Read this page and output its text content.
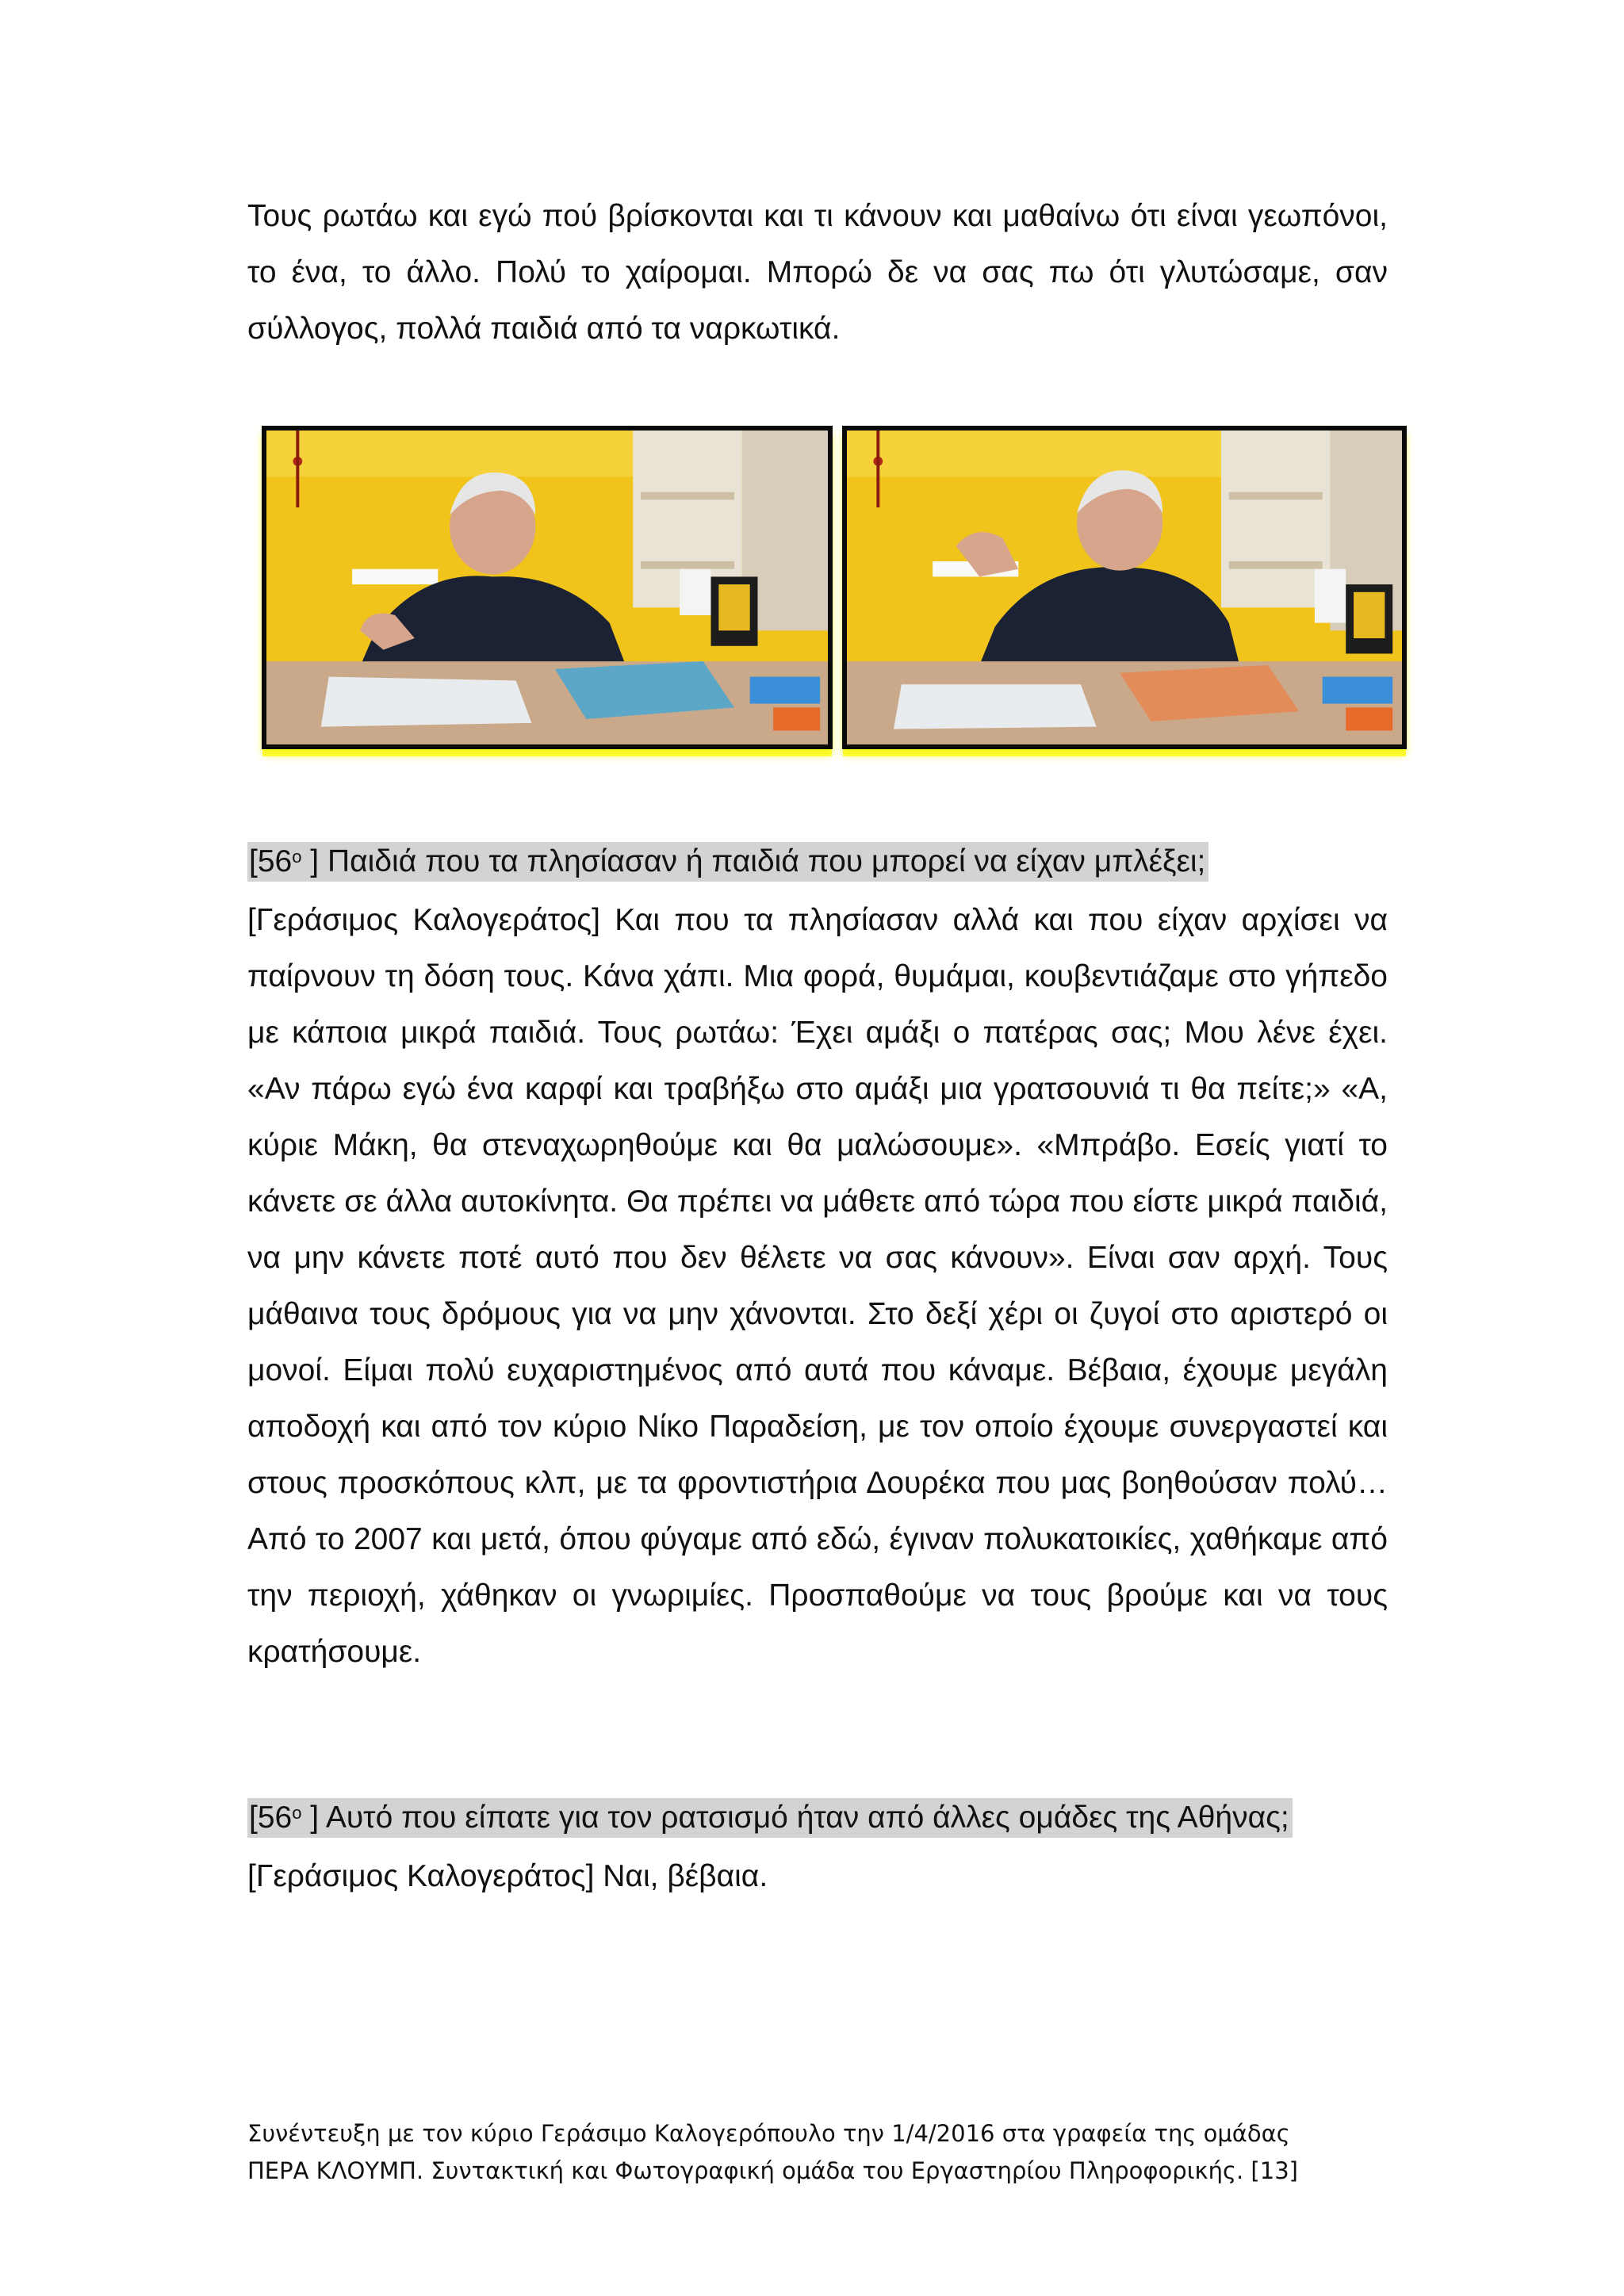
Τους ρωτάω και εγώ πού βρίσκονται και τι κάνουν και μαθαίνω ότι είναι γεωπόνοι, το ένα, το άλλο. Πολύ το χαίρομαι. Μπορώ δε να σας πω ότι γλυτώσαμε, σαν σύλλογος, πολλά παιδιά από τα ναρκωτικά.

[$56^o$ ] Παιδιά που τα πλησίασαν ή παιδιά που μπορεί να είχαν μπλέξει;

[Γεράσιμος Καλογεράτος] Και που τα πλησίασαν αλλά και που είχαν αρχίσει να παίρνουν τη δόση τους. Κάνα χάπι. Μια φορά, θυμάμαι, κουβεντιάζαμε στο γήπεδο με κάποια μικρά παιδιά. Τους ρωτάω: Έχει αμάξι ο πατέρας σας; Μου λένε έχει. «Αν πάρω εγώ ένα καρφί και τραβήξω στο αμάξι μια γρατσουνιά τι θα πείτε;» «Α, κύριε Μάκη, θα στεναχωρηθούμε και θα μαλώσουμε». «Μπράβο. Εσείς γιατί το κάνετε σε άλλα αυτοκίνητα. Θα πρέπει να μάθετε από τώρα που είστε μικρά παιδιά, να μην κάνετε ποτέ αυτό που δεν θέλετε να σας κάνουν». Είναι σαν αρχή. Τους μάθαινα τους δρόμους για να μην χάνονται. Στο δεξί χέρι οι ζυγοί στο αριστερό οι μονοί. Είμαι πολύ ευχαριστημένος από αυτά που κάναμε. Βέβαια, έχουμε μεγάλη αποδοχή και από τον κύριο Νίκο Παραδείση, με τον οποίο έχουμε συνεργαστεί και στους προσκόπους κλπ, με τα φροντιστήρια Δουρέκα που μας βοηθούσαν πολύ… Από το 2007 και μετά, όπου φύγαμε από εδώ, έγιναν πολυκατοικίες, χαθήκαμε από την περιοχή, χάθηκαν οι γνωριμίες. Προσπαθούμε να τους βρούμε και να τους κρατήσουμε.

[$56^o$ ] Αυτό που είπατε για τον ρατσισμό ήταν από άλλες ομάδες της Αθήνας;

[Γεράσιμος Καλογεράτος] Ναι, βέβαια.

Συνέντευξη με τον κύριο Γεράσιμο Καλογερόπουλο την 1/4/2016 στα γραφεία της ομάδας
ΠΕΡΑ ΚΛΟΥΜΠ. Συντακτική και Φωτογραφική ομάδα του Εργαστηρίου Πληροφορικής. [13]
